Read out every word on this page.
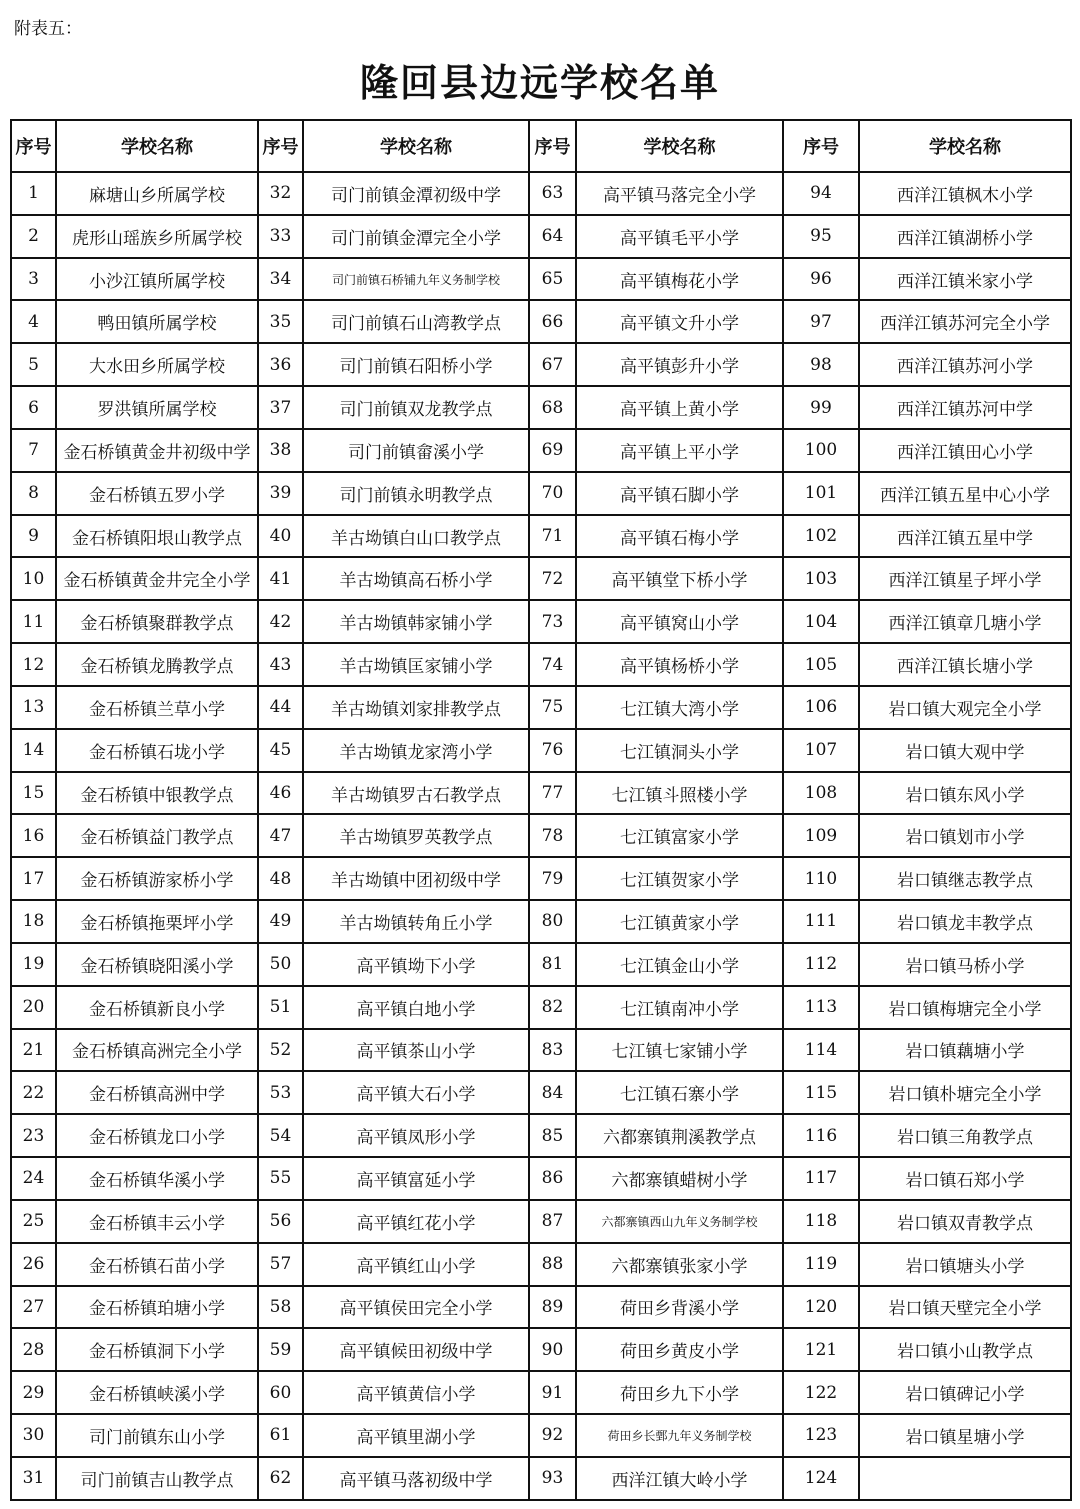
附表五：
隆回县边远学校名单
序号	学校名称	序号	学校名称	序号	学校名称	序号	学校名称
1	麻塘山乡所属学校	32	司门前镇金潭初级中学	63	高平镇马落完全小学	94	西洋江镇枫木小学
2	虎形山瑶族乡所属学校	33	司门前镇金潭完全小学	64	高平镇毛平小学	95	西洋江镇湖桥小学
3	小沙江镇所属学校	34	司门前镇石桥铺九年义务制学校	65	高平镇梅花小学	96	西洋江镇米家小学
4	鸭田镇所属学校	35	司门前镇石山湾教学点	66	高平镇文升小学	97	西洋江镇苏河完全小学
5	大水田乡所属学校	36	司门前镇石阳桥小学	67	高平镇彭升小学	98	西洋江镇苏河小学
6	罗洪镇所属学校	37	司门前镇双龙教学点	68	高平镇上黄小学	99	西洋江镇苏河中学
7	金石桥镇黄金井初级中学	38	司门前镇畲溪小学	69	高平镇上平小学	100	西洋江镇田心小学
8	金石桥镇五罗小学	39	司门前镇永明教学点	70	高平镇石脚小学	101	西洋江镇五星中心小学
9	金石桥镇阳垠山教学点	40	羊古坳镇白山口教学点	71	高平镇石梅小学	102	西洋江镇五星中学
10	金石桥镇黄金井完全小学	41	羊古坳镇高石桥小学	72	高平镇堂下桥小学	103	西洋江镇星子坪小学
11	金石桥镇聚群教学点	42	羊古坳镇韩家铺小学	73	高平镇窝山小学	104	西洋江镇章几塘小学
12	金石桥镇龙腾教学点	43	羊古坳镇匡家铺小学	74	高平镇杨桥小学	105	西洋江镇长塘小学
13	金石桥镇兰草小学	44	羊古坳镇刘家排教学点	75	七江镇大湾小学	106	岩口镇大观完全小学
14	金石桥镇石垅小学	45	羊古坳镇龙家湾小学	76	七江镇洞头小学	107	岩口镇大观中学
15	金石桥镇中银教学点	46	羊古坳镇罗古石教学点	77	七江镇斗照楼小学	108	岩口镇东风小学
16	金石桥镇益门教学点	47	羊古坳镇罗英教学点	78	七江镇富家小学	109	岩口镇划市小学
17	金石桥镇游家桥小学	48	羊古坳镇中团初级中学	79	七江镇贺家小学	110	岩口镇继志教学点
18	金石桥镇拖栗坪小学	49	羊古坳镇转角丘小学	80	七江镇黄家小学	111	岩口镇龙丰教学点
19	金石桥镇晓阳溪小学	50	高平镇坳下小学	81	七江镇金山小学	112	岩口镇马桥小学
20	金石桥镇新良小学	51	高平镇白地小学	82	七江镇南冲小学	113	岩口镇梅塘完全小学
21	金石桥镇高洲完全小学	52	高平镇茶山小学	83	七江镇七家铺小学	114	岩口镇藕塘小学
22	金石桥镇高洲中学	53	高平镇大石小学	84	七江镇石寨小学	115	岩口镇朴塘完全小学
23	金石桥镇龙口小学	54	高平镇凤形小学	85	六都寨镇荆溪教学点	116	岩口镇三角教学点
24	金石桥镇华溪小学	55	高平镇富延小学	86	六都寨镇蜡树小学	117	岩口镇石郑小学
25	金石桥镇丰云小学	56	高平镇红花小学	87	六都寨镇西山九年义务制学校	118	岩口镇双青教学点
26	金石桥镇石苗小学	57	高平镇红山小学	88	六都寨镇张家小学	119	岩口镇塘头小学
27	金石桥镇珀塘小学	58	高平镇侯田完全小学	89	荷田乡背溪小学	120	岩口镇天壁完全小学
28	金石桥镇洞下小学	59	高平镇候田初级中学	90	荷田乡黄皮小学	121	岩口镇小山教学点
29	金石桥镇峡溪小学	60	高平镇黄信小学	91	荷田乡九下小学	122	岩口镇碑记小学
30	司门前镇东山小学	61	高平镇里湖小学	92	荷田乡长鄄九年义务制学校	123	岩口镇星塘小学
31	司门前镇吉山教学点	62	高平镇马落初级中学	93	西洋江镇大岭小学	124	
